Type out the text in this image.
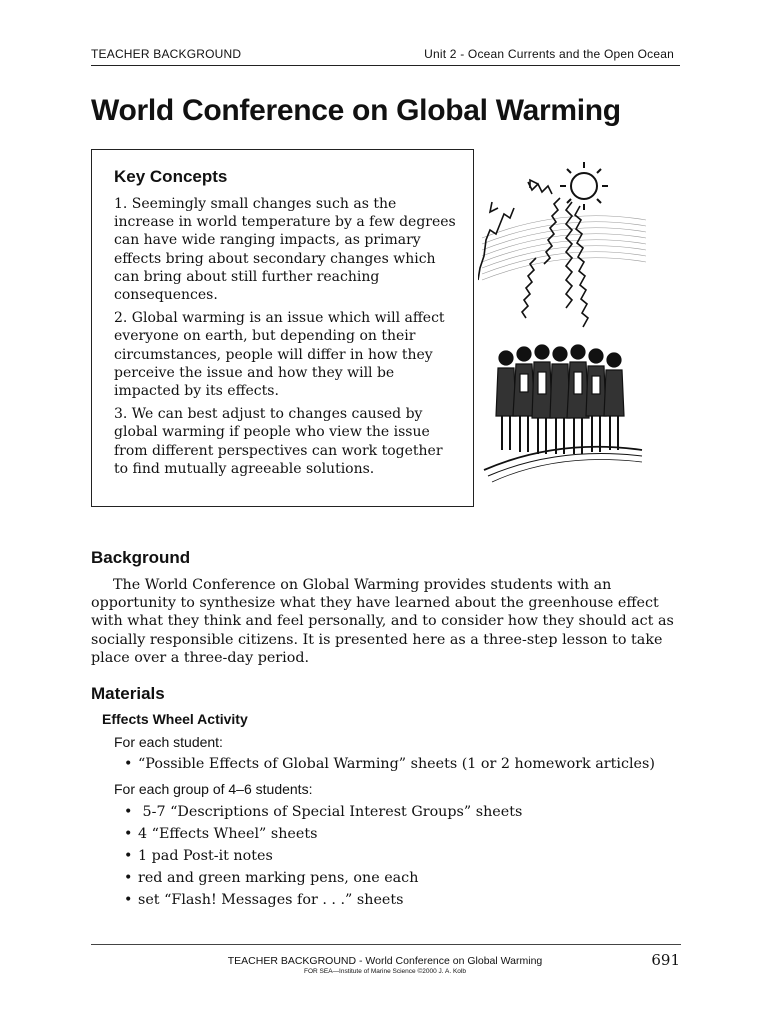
TEACHER BACKGROUND	Unit 2 - Ocean Currents and the Open Ocean
World Conference on Global Warming
Key Concepts

1. Seemingly small changes such as the increase in world temperature by a few degrees can have wide ranging impacts, as primary effects bring about secondary changes which can bring about still further reaching consequences.

2. Global warming is an issue which will affect everyone on earth, but depending on their circumstances, people will differ in how they perceive the issue and how they will be impacted by its effects.

3. We can best adjust to changes caused by global warming if people who view the issue from different perspectives can work together to find mutually agreeable solutions.

Background

The World Conference on Global Warming provides students with an opportunity to synthesize what they have learned about the greenhouse effect with what they think and feel personally, and to consider how they should act as socially responsible citizens. It is presented here as a three-step lesson to take place over a three-day period.

Materials
Effects Wheel Activity

For each student:

• “Possible Effects of Global Warming” sheets (1 or 2 homework articles)

For each group of 4–6 students:

• 5-7 “Descriptions of Special Interest Groups” sheets
• 4 “Effects Wheel” sheets
• 1 pad Post-it notes
• red and green marking pens, one each
• set “Flash! Messages for . . .” sheets
TEACHER BACKGROUND - World Conference on Global Warming
FOR SEA—Institute of Marine Science ©2000 J. A. Kolb
691
